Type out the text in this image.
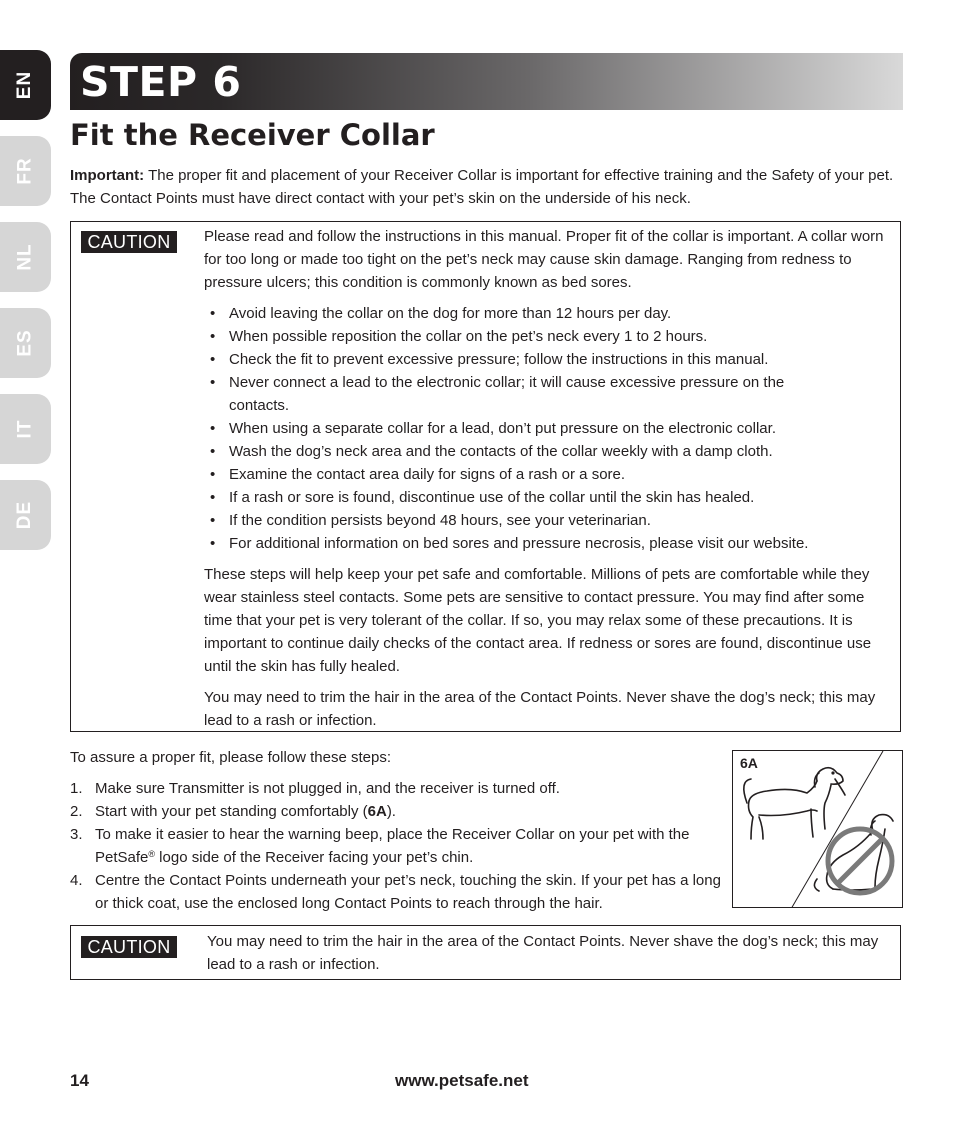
EN
FR
NL
ES
IT
DE
STEP 6
Fit the Receiver Collar

Important: The proper fit and placement of your Receiver Collar is important for effective training and the Safety of your pet. The Contact Points must have direct contact with your pet’s skin on the underside of his neck.

CAUTION	Please read and follow the instructions in this manual. Proper fit of the collar is important. A collar worn for too long or made too tight on the pet’s neck may cause skin damage. Ranging from redness to pressure ulcers; this condition is commonly known as bed sores.

• Avoid leaving the collar on the dog for more than 12 hours per day.
• When possible reposition the collar on the pet’s neck every 1 to 2 hours.
• Check the fit to prevent excessive pressure; follow the instructions in this manual.
• Never connect a lead to the electronic collar; it will cause excessive pressure on the contacts.
• When using a separate collar for a lead, don’t put pressure on the electronic collar.
• Wash the dog’s neck area and the contacts of the collar weekly with a damp cloth.
• Examine the contact area daily for signs of a rash or a sore.
• If a rash or sore is found, discontinue use of the collar until the skin has healed.
• If the condition persists beyond 48 hours, see your veterinarian.
• For additional information on bed sores and pressure necrosis, please visit our website.

These steps will help keep your pet safe and comfortable. Millions of pets are comfortable while they wear stainless steel contacts. Some pets are sensitive to contact pressure. You may find after some time that your pet is very tolerant of the collar. If so, you may relax some of these precautions. It is important to continue daily checks of the contact area. If redness or sores are found, discontinue use until the skin has fully healed.

You may need to trim the hair in the area of the Contact Points. Never shave the dog’s neck; this may lead to a rash or infection.

To assure a proper fit, please follow these steps:

1. Make sure Transmitter is not plugged in, and the receiver is turned off.
2. Start with your pet standing comfortably (6A).
3. To make it easier to hear the warning beep, place the Receiver Collar on your pet with the PetSafe® logo side of the Receiver facing your pet’s chin.
4. Centre the Contact Points underneath your pet’s neck, touching the skin. If your pet has a long or thick coat, use the enclosed long Contact Points to reach through the hair.
6A
CAUTION	You may need to trim the hair in the area of the Contact Points. Never shave the dog’s neck; this may lead to a rash or infection.
14	www.petsafe.net
